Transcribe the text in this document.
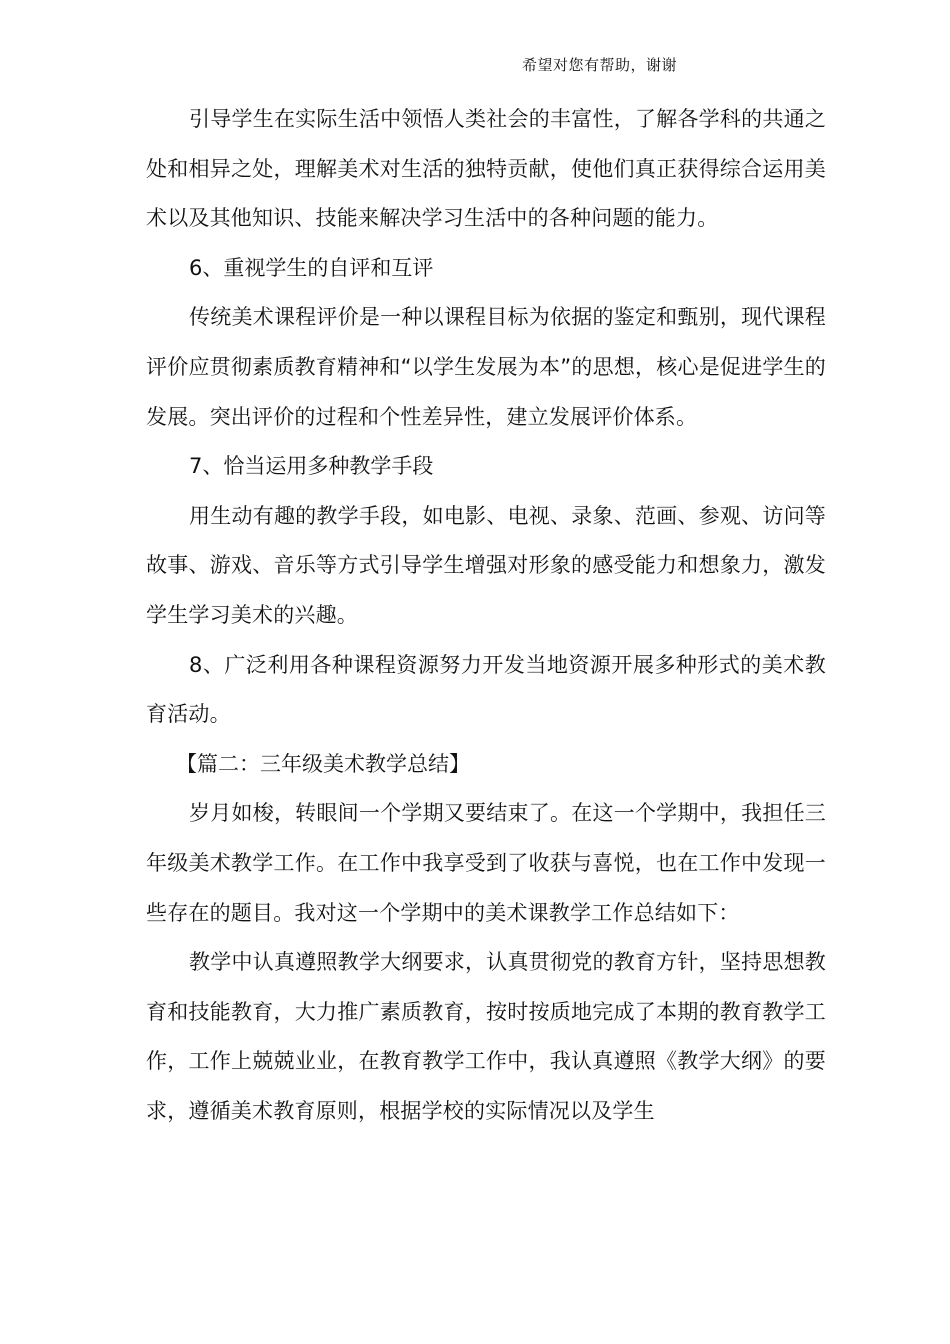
希望对您有帮助，谢谢

引导学生在实际生活中领悟人类社会的丰富性，了解各学科的共通之处和相异之处，理解美术对生活的独特贡献，使他们真正获得综合运用美术以及其他知识、技能来解决学习生活中的各种问题的能力。

6、重视学生的自评和互评

传统美术课程评价是一种以课程目标为依据的鉴定和甄别，现代课程评价应贯彻素质教育精神和“以学生发展为本”的思想，核心是促进学生的发展。突出评价的过程和个性差异性，建立发展评价体系。

7、恰当运用多种教学手段

用生动有趣的教学手段，如电影、电视、录象、范画、参观、访问等故事、游戏、音乐等方式引导学生增强对形象的感受能力和想象力，激发学生学习美术的兴趣。

8、广泛利用各种课程资源努力开发当地资源开展多种形式的美术教育活动。

【篇二：三年级美术教学总结】

岁月如梭，转眼间一个学期又要结束了。在这一个学期中，我担任三年级美术教学工作。在工作中我享受到了收获与喜悦，也在工作中发现一些存在的题目。我对这一个学期中的美术课教学工作总结如下：

教学中认真遵照教学大纲要求，认真贯彻党的教育方针，坚持思想教育和技能教育，大力推广素质教育，按时按质地完成了本期的教育教学工作，工作上兢兢业业，在教育教学工作中，我认真遵照《教学大纲》的要求，遵循美术教育原则，根据学校的实际情况以及学生
